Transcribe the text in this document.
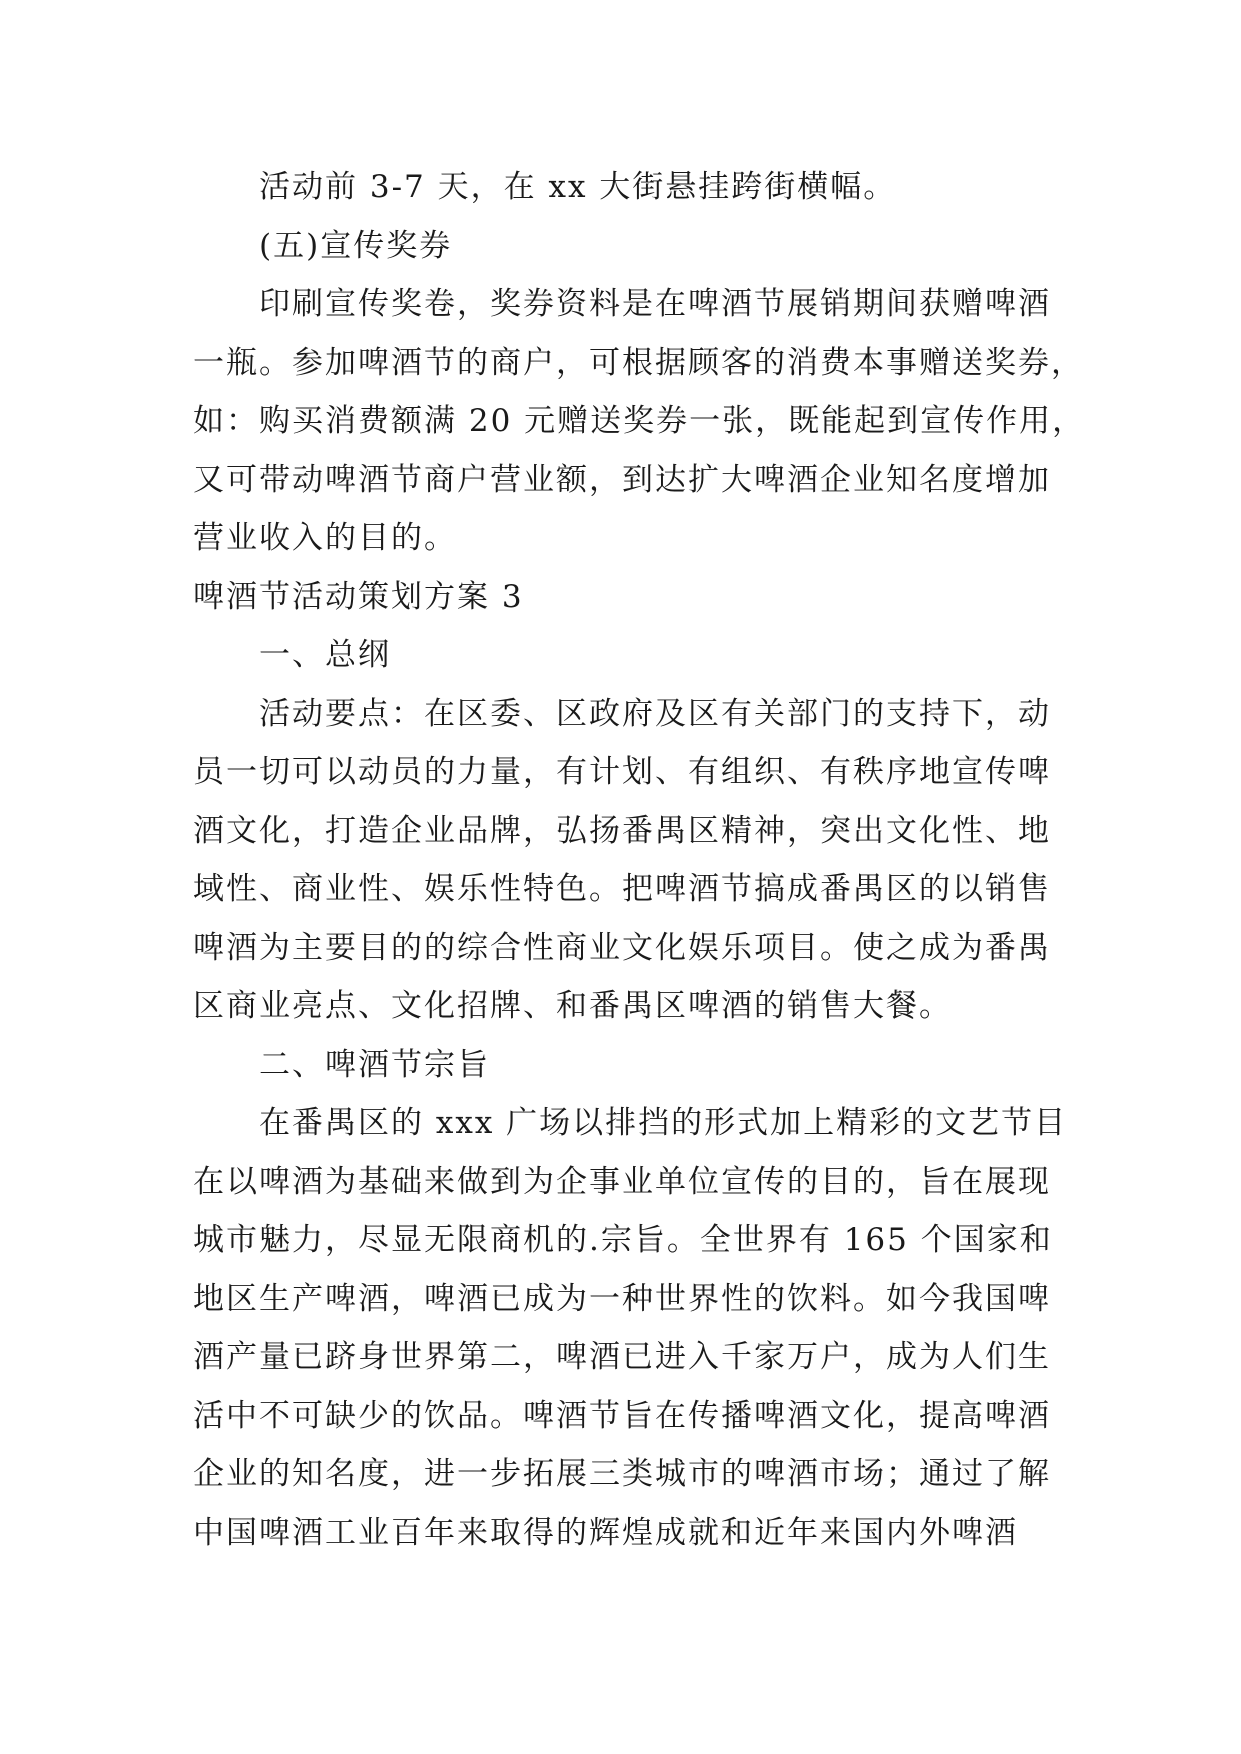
活动前 3-7 天，在 xx 大街悬挂跨街横幅。

(五)宣传奖券

印刷宣传奖卷，奖券资料是在啤酒节展销期间获赠啤酒

一瓶。参加啤酒节的商户，可根据顾客的消费本事赠送奖券，

如：购买消费额满 20 元赠送奖券一张，既能起到宣传作用，

又可带动啤酒节商户营业额，到达扩大啤酒企业知名度增加

营业收入的目的。

啤酒节活动策划方案 3

一、总纲

活动要点：在区委、区政府及区有关部门的支持下，动

员一切可以动员的力量，有计划、有组织、有秩序地宣传啤

酒文化，打造企业品牌，弘扬番禺区精神，突出文化性、地

域性、商业性、娱乐性特色。把啤酒节搞成番禺区的以销售

啤酒为主要目的的综合性商业文化娱乐项目。使之成为番禺

区商业亮点、文化招牌、和番禺区啤酒的销售大餐。

二、啤酒节宗旨

在番禺区的 xxx 广场以排挡的形式加上精彩的文艺节目

在以啤酒为基础来做到为企事业单位宣传的目的，旨在展现

城市魅力，尽显无限商机的.宗旨。全世界有 165 个国家和

地区生产啤酒，啤酒已成为一种世界性的饮料。如今我国啤

酒产量已跻身世界第二，啤酒已进入千家万户，成为人们生

活中不可缺少的饮品。啤酒节旨在传播啤酒文化，提高啤酒

企业的知名度，进一步拓展三类城市的啤酒市场；通过了解

中国啤酒工业百年来取得的辉煌成就和近年来国内外啤酒
